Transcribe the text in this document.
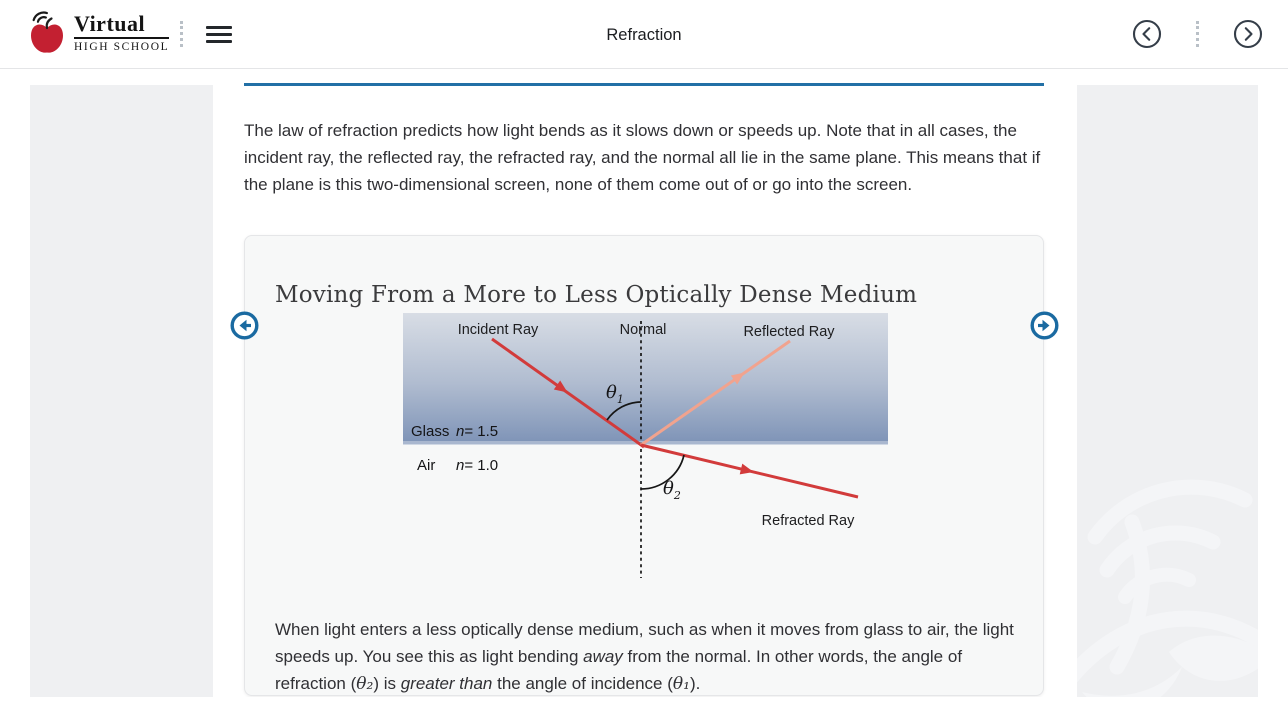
Virtual
HIGH SCHOOL
Refraction

The law of refraction predicts how light bends as it slows down or speeds up. Note that in all cases, the incident ray, the reflected ray, the refracted ray, and the normal all lie in the same plane. This means that if the plane is this two-dimensional screen, none of them come out of or go into the screen.

Moving From a More to Less Optically Dense Medium
Incident Ray	Normal	Reflected Ray
Refracted Ray
Glass n= 1.5
Air n= 1.0
$\theta_1$
$\theta_2$

When light enters a less optically dense medium, such as when it moves from glass to air, the light speeds up. You see this as light bending away from the normal. In other words, the angle of refraction (θ₂) is greater than the angle of incidence (θ₁).
